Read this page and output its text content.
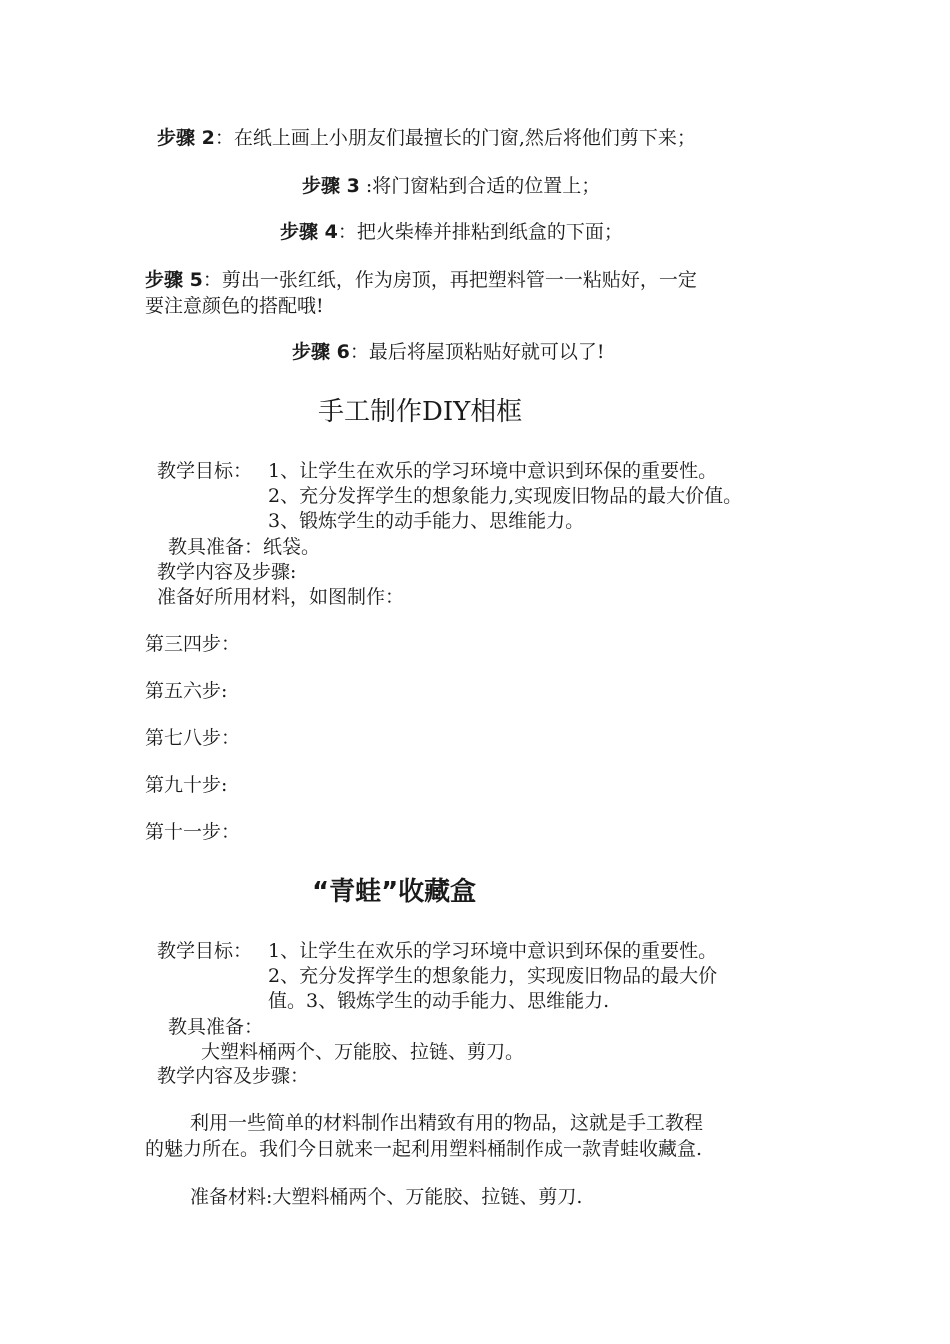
步骤 2：在纸上画上小朋友们最擅长的门窗,然后将他们剪下来；
步骤 3 :将门窗粘到合适的位置上；
步骤 4：把火柴棒并排粘到纸盒的下面；
步骤 5：剪出一张红纸，作为房顶，再把塑料管一一粘贴好，一定
要注意颜色的搭配哦!
步骤 6：最后将屋顶粘贴好就可以了!
手工制作DIY相框
教学目标： 1、让学生在欢乐的学习环境中意识到环保的重要性。
2、充分发挥学生的想象能力,实现废旧物品的最大价值。
3、锻炼学生的动手能力、思维能力。
教具准备：纸袋。
教学内容及步骤:
准备好所用材料，如图制作：
第三四步：
第五六步:
第七八步：
第九十步:
第十一步：
“青蛙”收藏盒
教学目标： 1、让学生在欢乐的学习环境中意识到环保的重要性。
2、充分发挥学生的想象能力，实现废旧物品的最大价
值。3、锻炼学生的动手能力、思维能力.
教具准备：
大塑料桶两个、万能胶、拉链、剪刀。
教学内容及步骤：
利用一些简单的材料制作出精致有用的物品，这就是手工教程
的魅力所在。我们今日就来一起利用塑料桶制作成一款青蛙收藏盒.
准备材料:大塑料桶两个、万能胶、拉链、剪刀.
